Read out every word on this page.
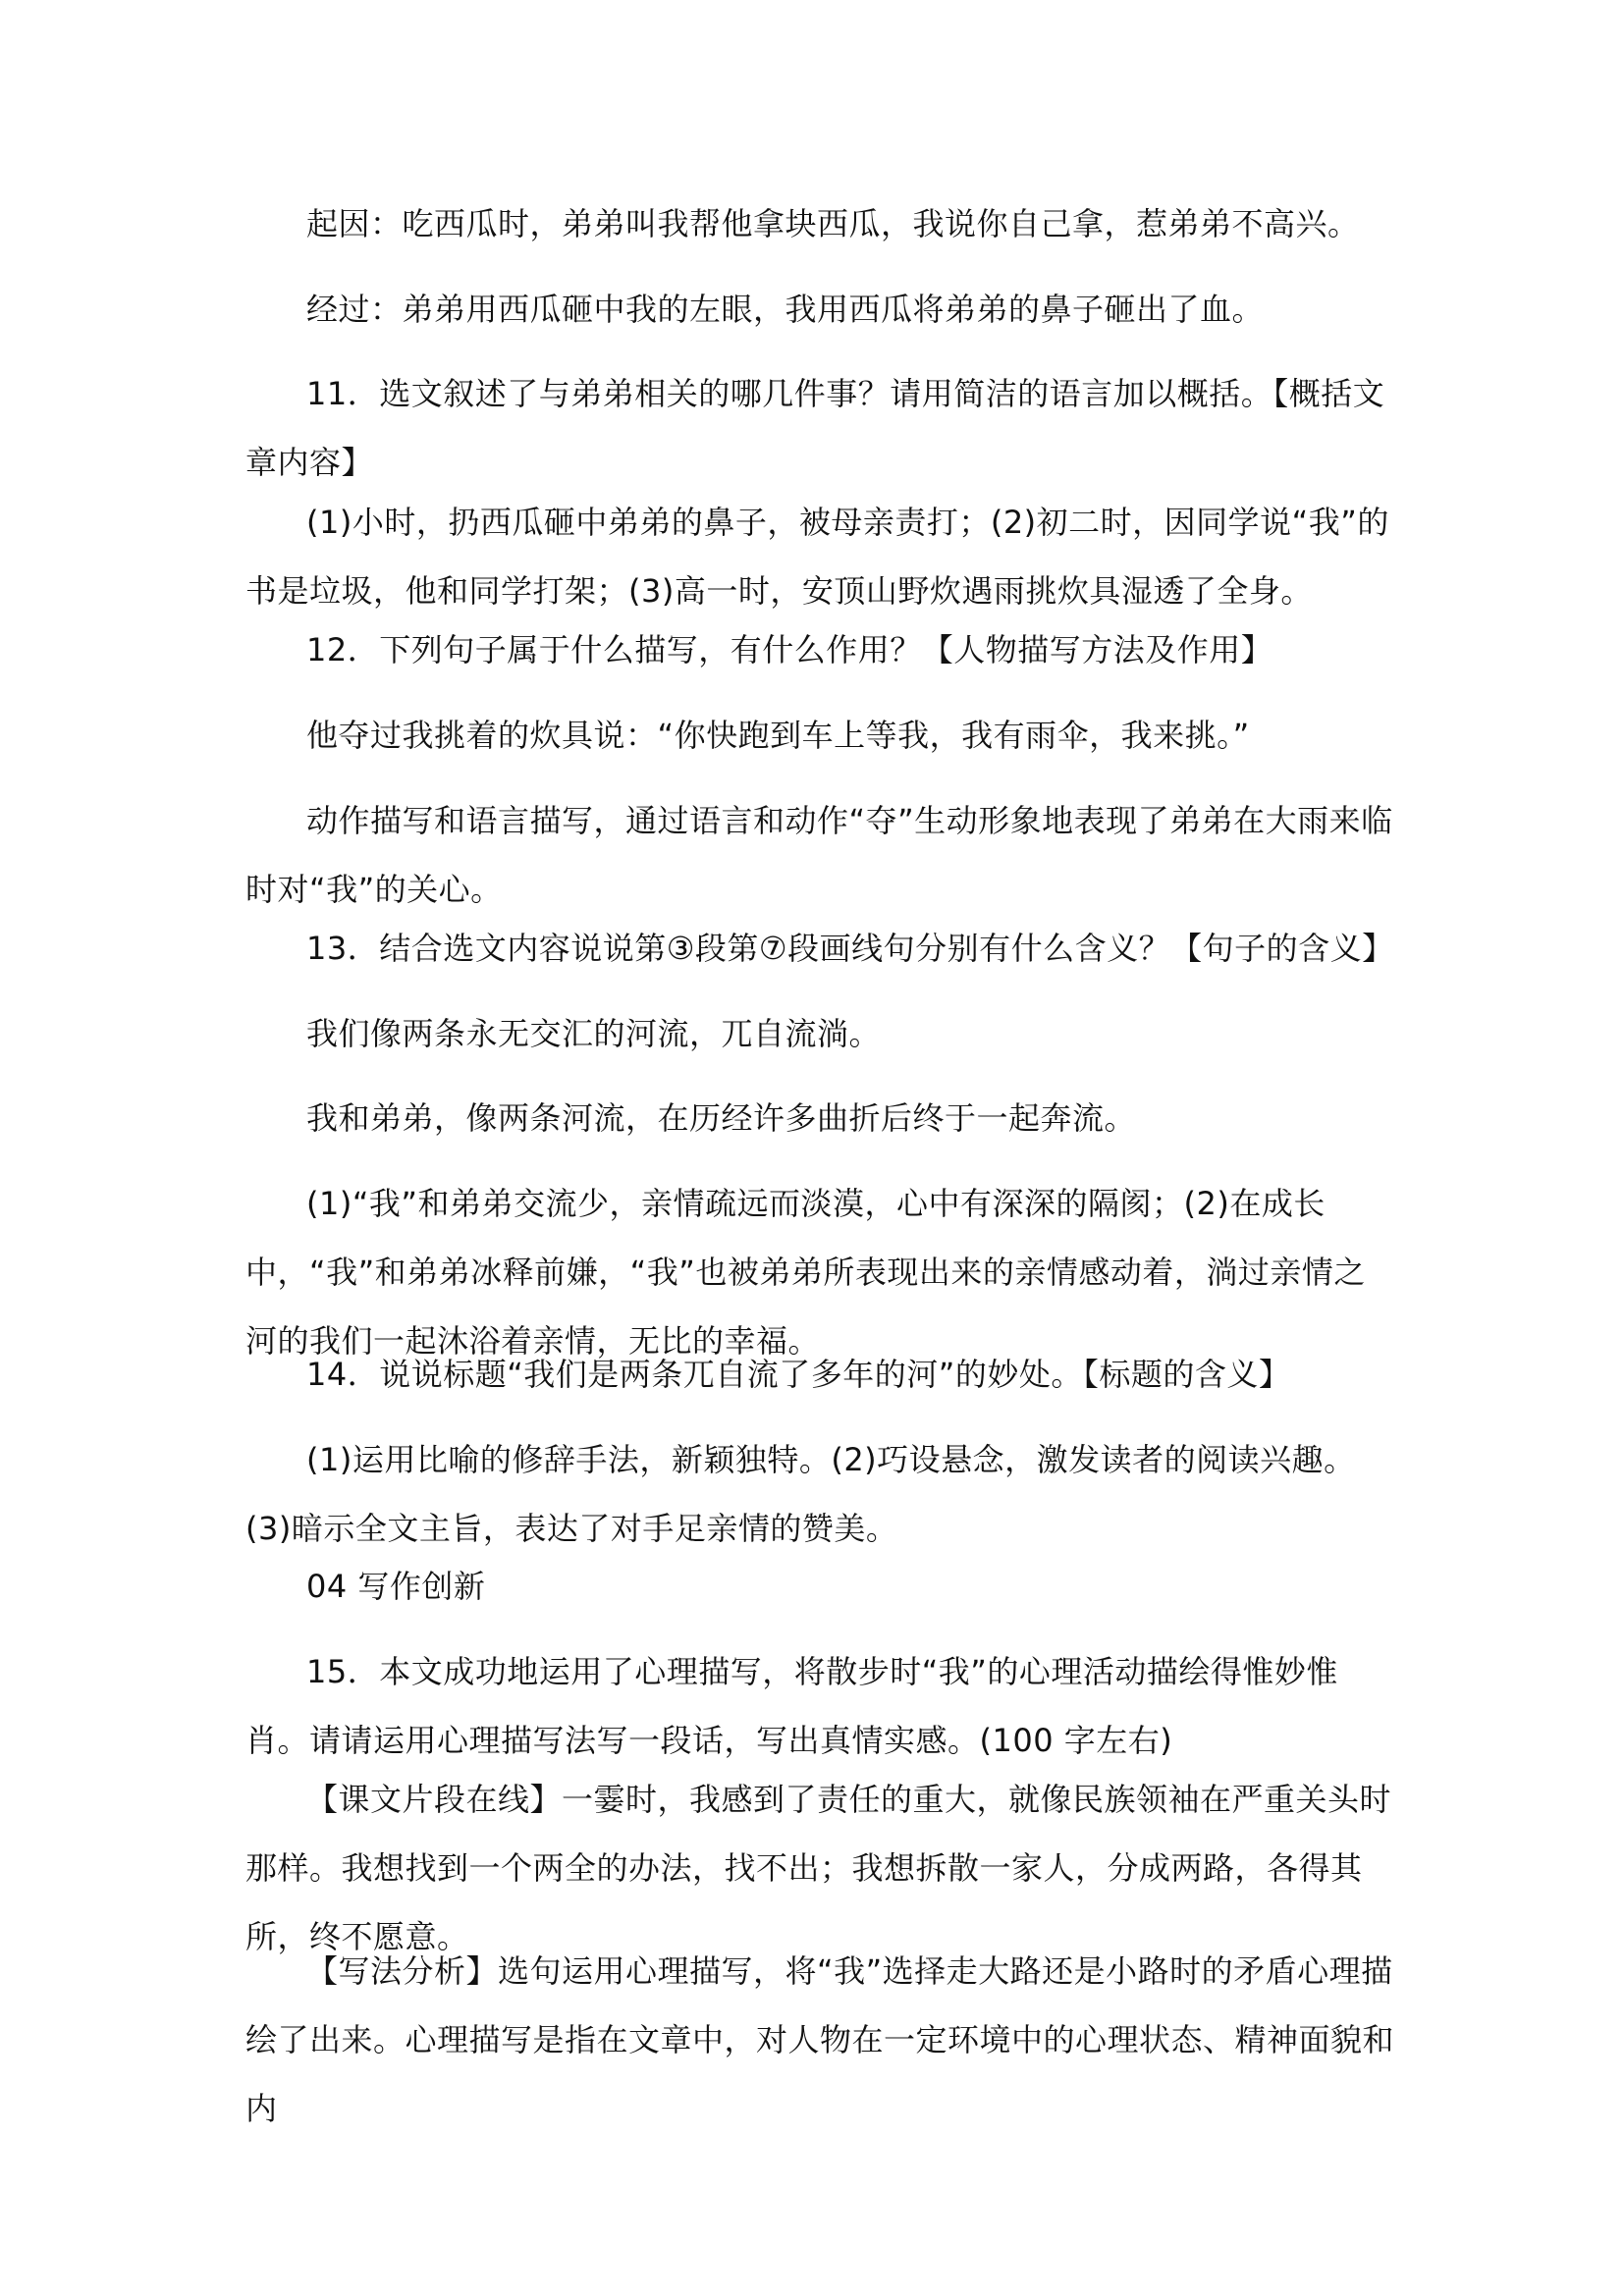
起因：吃西瓜时，弟弟叫我帮他拿块西瓜，我说你自己拿，惹弟弟不高兴。

经过：弟弟用西瓜砸中我的左眼，我用西瓜将弟弟的鼻子砸出了血。

11．选文叙述了与弟弟相关的哪几件事？请用简洁的语言加以概括。【概括文章内容】

(1)小时，扔西瓜砸中弟弟的鼻子，被母亲责打；(2)初二时，因同学说“我”的书是垃圾，他和同学打架；(3)高一时，安顶山野炊遇雨挑炊具湿透了全身。

12．下列句子属于什么描写，有什么作用？【人物描写方法及作用】

他夺过我挑着的炊具说：“你快跑到车上等我，我有雨伞，我来挑。”

动作描写和语言描写，通过语言和动作“夺”生动形象地表现了弟弟在大雨来临时对“我”的关心。

13．结合选文内容说说第③段第⑦段画线句分别有什么含义？【句子的含义】

我们像两条永无交汇的河流，兀自流淌。

我和弟弟，像两条河流，在历经许多曲折后终于一起奔流。

(1)“我”和弟弟交流少，亲情疏远而淡漠，心中有深深的隔阂；(2)在成长中，“我”和弟弟冰释前嫌，“我”也被弟弟所表现出来的亲情感动着，淌过亲情之河的我们一起沐浴着亲情，无比的幸福。

14．说说标题“我们是两条兀自流了多年的河”的妙处。【标题的含义】

(1)运用比喻的修辞手法，新颖独特。(2)巧设悬念，激发读者的阅读兴趣。(3)暗示全文主旨，表达了对手足亲情的赞美。

04 写作创新

15．本文成功地运用了心理描写，将散步时“我”的心理活动描绘得惟妙惟肖。请请运用心理描写法写一段话，写出真情实感。(100 字左右)

【课文片段在线】一霎时，我感到了责任的重大，就像民族领袖在严重关头时那样。我想找到一个两全的办法，找不出；我想拆散一家人，分成两路，各得其所，终不愿意。

【写法分析】选句运用心理描写，将“我”选择走大路还是小路时的矛盾心理描绘了出来。心理描写是指在文章中，对人物在一定环境中的心理状态、精神面貌和内
